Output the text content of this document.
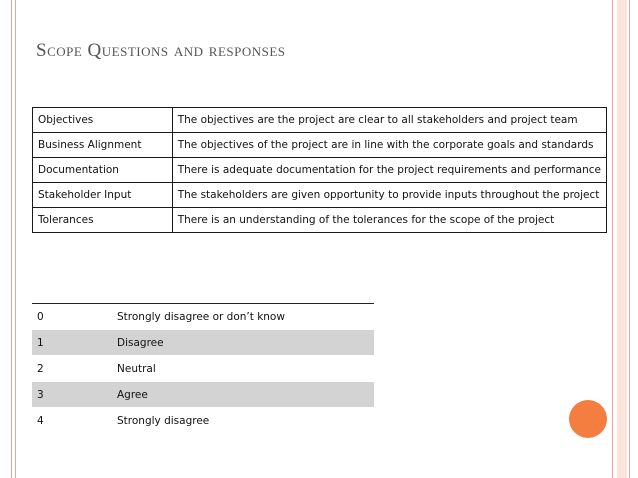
Scope Questions and responses
Objectives	The objectives are the project are clear to all stakeholders and project team
Business Alignment	The objectives of the project are in line with the corporate goals and standards
Documentation	There is adequate documentation for the project requirements and performance
Stakeholder Input	The stakeholders are given opportunity to provide inputs throughout the project
Tolerances	There is an understanding of the tolerances for the scope of the project
0	Strongly disagree or don’t know
1	Disagree
2	Neutral
3	Agree
4	Strongly disagree
